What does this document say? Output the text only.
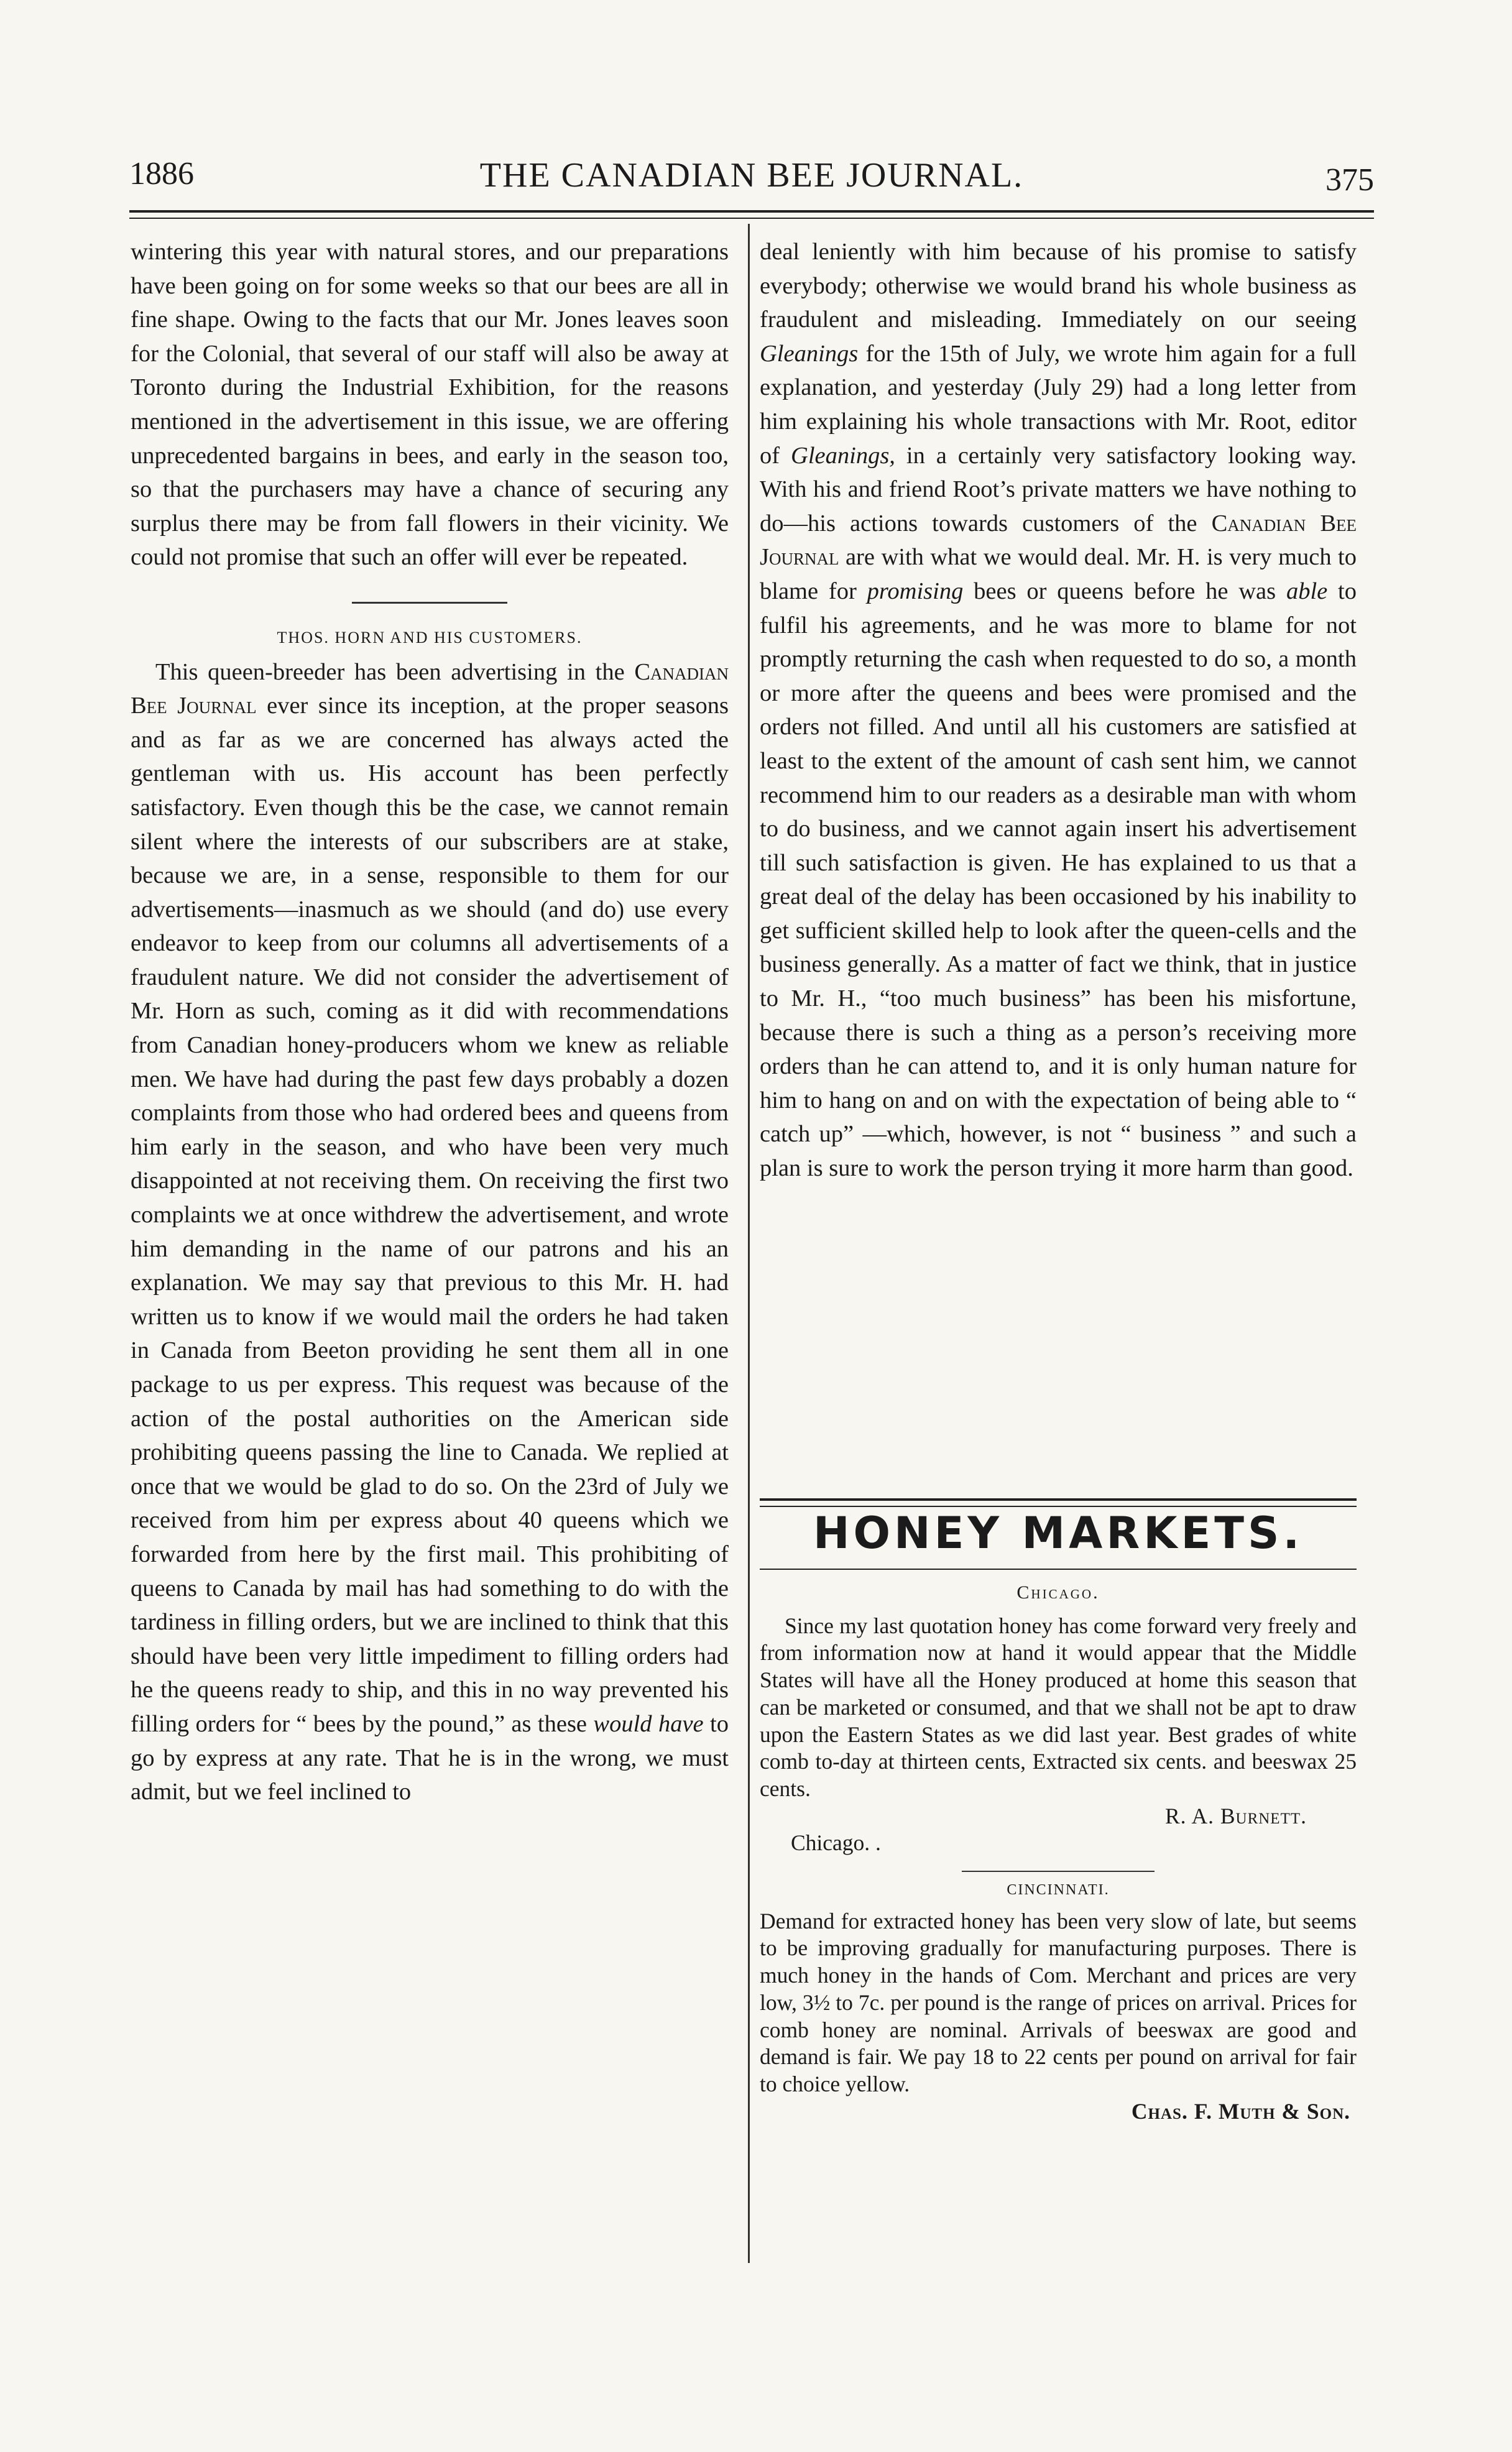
1886	THE CANADIAN BEE JOURNAL.	375

wintering this year with natural stores, and our preparations have been going on for some weeks so that our bees are all in fine shape. Owing to the facts that our Mr. Jones leaves soon for the Colonial, that several of our staff will also be away at Toronto during the Industrial Exhibition, for the reasons mentioned in the advertisement in this issue, we are offering unprecedented bargains in bees, and early in the season too, so that the purchasers may have a chance of securing any surplus there may be from fall flowers in their vicinity. We could not promise that such an offer will ever be repeated.

THOS. HORN AND HIS CUSTOMERS.

This queen-breeder has been advertising in the Canadian Bee Journal ever since its inception, at the proper seasons and as far as we are concerned has always acted the gentleman with us. His account has been perfectly satisfactory. Even though this be the case, we cannot remain silent where the interests of our subscribers are at stake, because we are, in a sense, responsible to them for our advertisements—inasmuch as we should (and do) use every endeavor to keep from our columns all advertisements of a fraudulent nature. We did not consider the advertisement of Mr. Horn as such, coming as it did with recommendations from Canadian honey-producers whom we knew as reliable men. We have had during the past few days probably a dozen complaints from those who had ordered bees and queens from him early in the season, and who have been very much disappointed at not receiving them. On receiving the first two complaints we at once withdrew the advertisement, and wrote him demanding in the name of our patrons and his an explanation. We may say that previous to this Mr. H. had written us to know if we would mail the orders he had taken in Canada from Beeton providing he sent them all in one package to us per express. This request was because of the action of the postal authorities on the American side prohibiting queens passing the line to Canada. We replied at once that we would be glad to do so. On the 23rd of July we received from him per express about 40 queens which we forwarded from here by the first mail. This prohibiting of queens to Canada by mail has had something to do with the tardiness in filling orders, but we are inclined to think that this should have been very little impediment to filling orders had he the queens ready to ship, and this in no way prevented his filling orders for “ bees by the pound,” as these would have to go by express at any rate. That he is in the wrong, we must admit, but we feel inclined to

deal leniently with him because of his promise to satisfy everybody; otherwise we would brand his whole business as fraudulent and misleading. Immediately on our seeing Gleanings for the 15th of July, we wrote him again for a full explanation, and yesterday (July 29) had a long letter from him explaining his whole transactions with Mr. Root, editor of Gleanings, in a certainly very satisfactory looking way. With his and friend Root’s private matters we have nothing to do—his actions towards customers of the Canadian Bee Journal are with what we would deal. Mr. H. is very much to blame for promising bees or queens before he was able to fulfil his agreements, and he was more to blame for not promptly returning the cash when requested to do so, a month or more after the queens and bees were promised and the orders not filled. And until all his customers are satisfied at least to the extent of the amount of cash sent him, we cannot recommend him to our readers as a desirable man with whom to do business, and we cannot again insert his advertisement till such satisfaction is given. He has explained to us that a great deal of the delay has been occasioned by his inability to get sufficient skilled help to look after the queen-cells and the business generally. As a matter of fact we think, that in justice to Mr. H., “too much business” has been his misfortune, because there is such a thing as a person’s receiving more orders than he can attend to, and it is only human nature for him to hang on and on with the expectation of being able to “ catch up” —which, however, is not “ business ” and such a plan is sure to work the person trying it more harm than good.

HONEY MARKETS.

Chicago.

Since my last quotation honey has come forward very freely and from information now at hand it would appear that the Middle States will have all the Honey produced at home this season that can be marketed or consumed, and that we shall not be apt to draw upon the Eastern States as we did last year. Best grades of white comb to-day at thirteen cents, Extracted six cents. and beeswax 25 cents.

R. A. Burnett.

Chicago. .

CINCINNATI.

Demand for extracted honey has been very slow of late, but seems to be improving gradually for manufacturing purposes. There is much honey in the hands of Com. Merchant and prices are very low, 3½ to 7c. per pound is the range of prices on arrival. Prices for comb honey are nominal. Arrivals of beeswax are good and demand is fair. We pay 18 to 22 cents per pound on arrival for fair to choice yellow.

Chas. F. Muth & Son.
